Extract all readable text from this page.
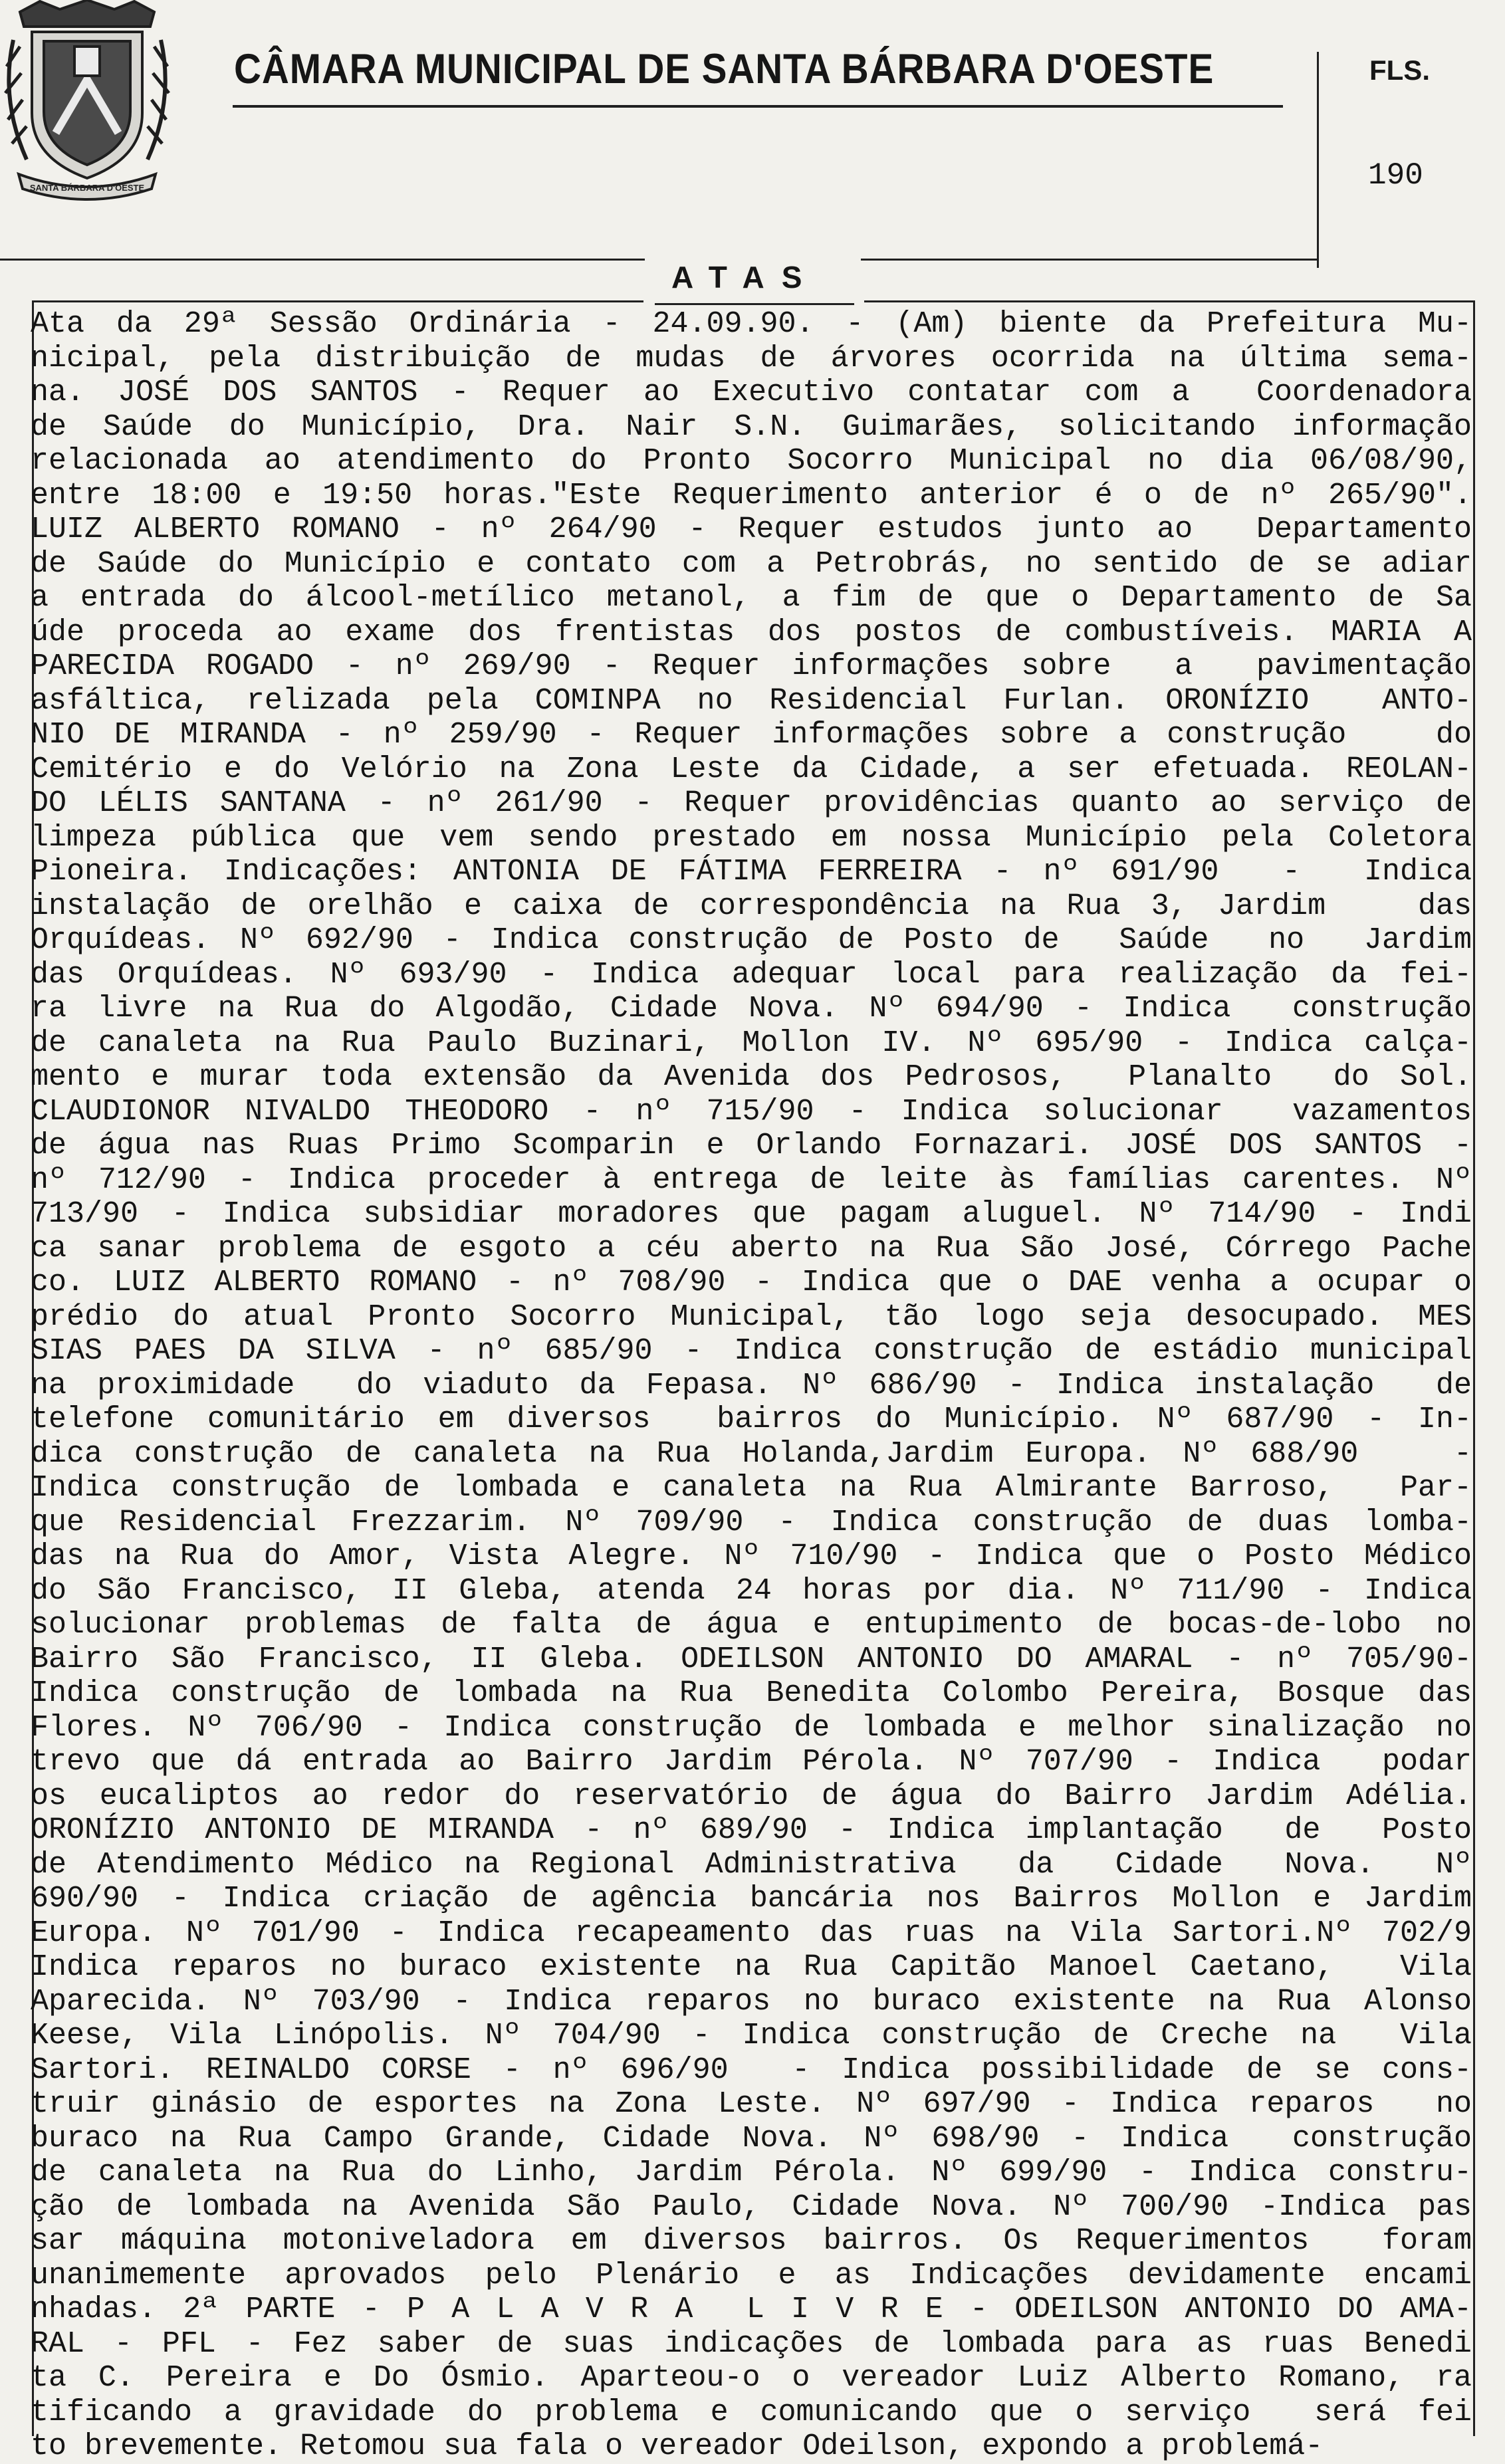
SANTA BÁRBARA D'OESTE
CÂMARA MUNICIPAL DE SANTA BÁRBARA D'OESTE	FLS.
190
ATAS
Ata da 29ª Sessão Ordinária - 24.09.90. - (Am) biente da Prefeitura Mu-
nicipal, pela distribuição de mudas de árvores ocorrida na última sema-
na. JOSÉ DOS SANTOS - Requer ao Executivo contatar com a  Coordenadora
de Saúde do Município, Dra. Nair S.N. Guimarães, solicitando informação
relacionada ao atendimento do Pronto Socorro Municipal no dia 06/08/90,
entre 18:00 e 19:50 horas."Este Requerimento anterior é o de nº 265/90".
LUIZ ALBERTO ROMANO - nº 264/90 - Requer estudos junto ao  Departamento
de Saúde do Município e contato com a Petrobrás, no sentido de se adiar
a entrada do álcool-metílico metanol, a fim de que o Departamento de Sa
úde proceda ao exame dos frentistas dos postos de combustíveis. MARIA A
PARECIDA ROGADO - nº 269/90 - Requer informações sobre  a  pavimentação
asfáltica, relizada pela COMINPA no Residencial Furlan. ORONÍZIO  ANTO-
NIO DE MIRANDA - nº 259/90 - Requer informações sobre a construção   do
Cemitério e do Velório na Zona Leste da Cidade, a ser efetuada. REOLAN-
DO LÉLIS SANTANA - nº 261/90 - Requer providências quanto ao serviço de
limpeza pública que vem sendo prestado em nossa Município pela Coletora
Pioneira. Indicações: ANTONIA DE FÁTIMA FERREIRA - nº 691/90  -  Indica
instalação de orelhão e caixa de correspondência na Rua 3, Jardim   das
Orquídeas. Nº 692/90 - Indica construção de Posto de  Saúde  no  Jardim
das Orquídeas. Nº 693/90 - Indica adequar local para realização da fei-
ra livre na Rua do Algodão, Cidade Nova. Nº 694/90 - Indica  construção
de canaleta na Rua Paulo Buzinari, Mollon IV. Nº 695/90 - Indica calça-
mento e murar toda extensão da Avenida dos Pedrosos,  Planalto  do Sol.
CLAUDIONOR NIVALDO THEODORO - nº 715/90 - Indica solucionar  vazamentos
de água nas Ruas Primo Scomparin e Orlando Fornazari. JOSÉ DOS SANTOS -
nº 712/90 - Indica proceder à entrega de leite às famílias carentes. Nº
713/90 - Indica subsidiar moradores que pagam aluguel. Nº 714/90 - Indi
ca sanar problema de esgoto a céu aberto na Rua São José, Córrego Pache
co. LUIZ ALBERTO ROMANO - nº 708/90 - Indica que o DAE venha a ocupar o
prédio do atual Pronto Socorro Municipal, tão logo seja desocupado. MES
SIAS PAES DA SILVA - nº 685/90 - Indica construção de estádio municipal
na proximidade  do viaduto da Fepasa. Nº 686/90 - Indica instalação  de
telefone comunitário em diversos  bairros do Município. Nº 687/90 - In-
dica construção de canaleta na Rua Holanda,Jardim Europa. Nº 688/90   -
Indica construção de lombada e canaleta na Rua Almirante Barroso,  Par-
que Residencial Frezzarim. Nº 709/90 - Indica construção de duas lomba-
das na Rua do Amor, Vista Alegre. Nº 710/90 - Indica que o Posto Médico
do São Francisco, II Gleba, atenda 24 horas por dia. Nº 711/90 - Indica
solucionar problemas de falta de água e entupimento de bocas-de-lobo no
Bairro São Francisco, II Gleba. ODEILSON ANTONIO DO AMARAL - nº 705/90-
Indica construção de lombada na Rua Benedita Colombo Pereira, Bosque das
Flores. Nº 706/90 - Indica construção de lombada e melhor sinalização no
trevo que dá entrada ao Bairro Jardim Pérola. Nº 707/90 - Indica  podar
os eucaliptos ao redor do reservatório de água do Bairro Jardim Adélia.
ORONÍZIO ANTONIO DE MIRANDA - nº 689/90 - Indica implantação  de  Posto
de Atendimento Médico na Regional Administrativa  da  Cidade  Nova.  Nº
690/90 - Indica criação de agência bancária nos Bairros Mollon e Jardim
Europa. Nº 701/90 - Indica recapeamento das ruas na Vila Sartori.Nº 702/9
Indica reparos no buraco existente na Rua Capitão Manoel Caetano,  Vila
Aparecida. Nº 703/90 - Indica reparos no buraco existente na Rua Alonso
Keese, Vila Linópolis. Nº 704/90 - Indica construção de Creche na  Vila
Sartori. REINALDO CORSE - nº 696/90  - Indica possibilidade de se cons-
truir ginásio de esportes na Zona Leste. Nº 697/90 - Indica reparos  no
buraco na Rua Campo Grande, Cidade Nova. Nº 698/90 - Indica  construção
de canaleta na Rua do Linho, Jardim Pérola. Nº 699/90 - Indica constru-
ção de lombada na Avenida São Paulo, Cidade Nova. Nº 700/90 -Indica pas
sar máquina motoniveladora em diversos bairros. Os Requerimentos  foram
unanimemente aprovados pelo Plenário e as Indicações devidamente encami
nhadas. 2ª PARTE - P A L A V R A  L I V R E - ODEILSON ANTONIO DO AMA-
RAL - PFL - Fez saber de suas indicações de lombada para as ruas Benedi
ta C. Pereira e Do Ósmio. Aparteou-o o vereador Luiz Alberto Romano, ra
tificando a gravidade do problema e comunicando que o serviço  será fei
to brevemente. Retomou sua fala o vereador Odeilson, expondo a problemá-
